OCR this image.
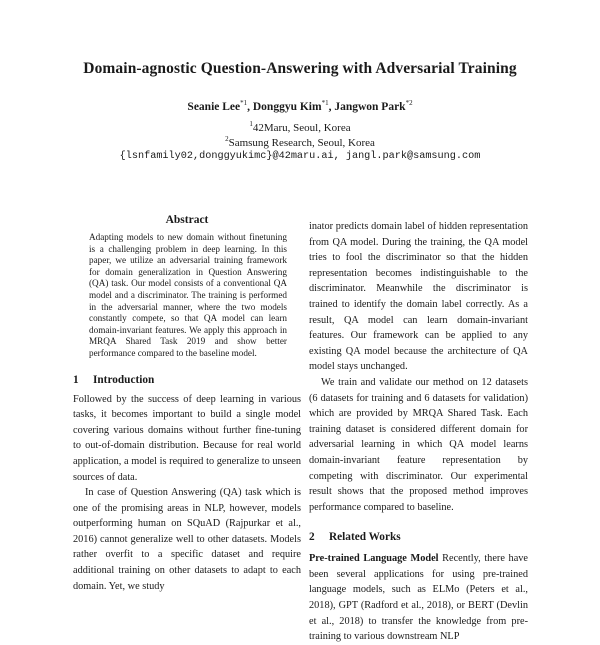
Domain-agnostic Question-Answering with Adversarial Training
Seanie Lee$^{*1}$, Donggyu Kim$^{*1}$, Jangwon Park$^{*2}$
$^1$42Maru, Seoul, Korea
$^2$Samsung Research, Seoul, Korea
{lsnfamily02,donggyukimc}@42maru.ai, jangl.park@samsung.com
Abstract

Adapting models to new domain without finetuning is a challenging problem in deep learning. In this paper, we utilize an adversarial training framework for domain generalization in Question Answering (QA) task. Our model consists of a conventional QA model and a discriminator. The training is performed in the adversarial manner, where the two models constantly compete, so that QA model can learn domain-invariant features. We apply this approach in MRQA Shared Task 2019 and show better performance compared to the baseline model.

1 Introduction

Followed by the success of deep learning in various tasks, it becomes important to build a single model covering various domains without further fine-tuning to out-of-domain distribution. Because for real world application, a model is required to generalize to unseen sources of data.

In case of Question Answering (QA) task which is one of the promising areas in NLP, however, models outperforming human on SQuAD (Rajpurkar et al., 2016) cannot generalize well to other datasets. Models rather overfit to a specific dataset and require additional training on other datasets to adapt to each domain. Yet, we study

inator predicts domain label of hidden representation from QA model. During the training, the QA model tries to fool the discriminator so that the hidden representation becomes indistinguishable to the discriminator. Meanwhile the discriminator is trained to identify the domain label correctly. As a result, QA model can learn domain-invariant features. Our framework can be applied to any existing QA model because the architecture of QA model stays unchanged.

We train and validate our method on 12 datasets (6 datasets for training and 6 datasets for validation) which are provided by MRQA Shared Task. Each training dataset is considered different domain for adversarial learning in which QA model learns domain-invariant feature representation by competing with discriminator. Our experimental result shows that the proposed method improves performance compared to baseline.

2 Related Works

Pre-trained Language Model Recently, there have been several applications for using pre-trained language models, such as ELMo (Peters et al., 2018), GPT (Radford et al., 2018), or BERT (Devlin et al., 2018) to transfer the knowledge from pre-training to various downstream NLP
